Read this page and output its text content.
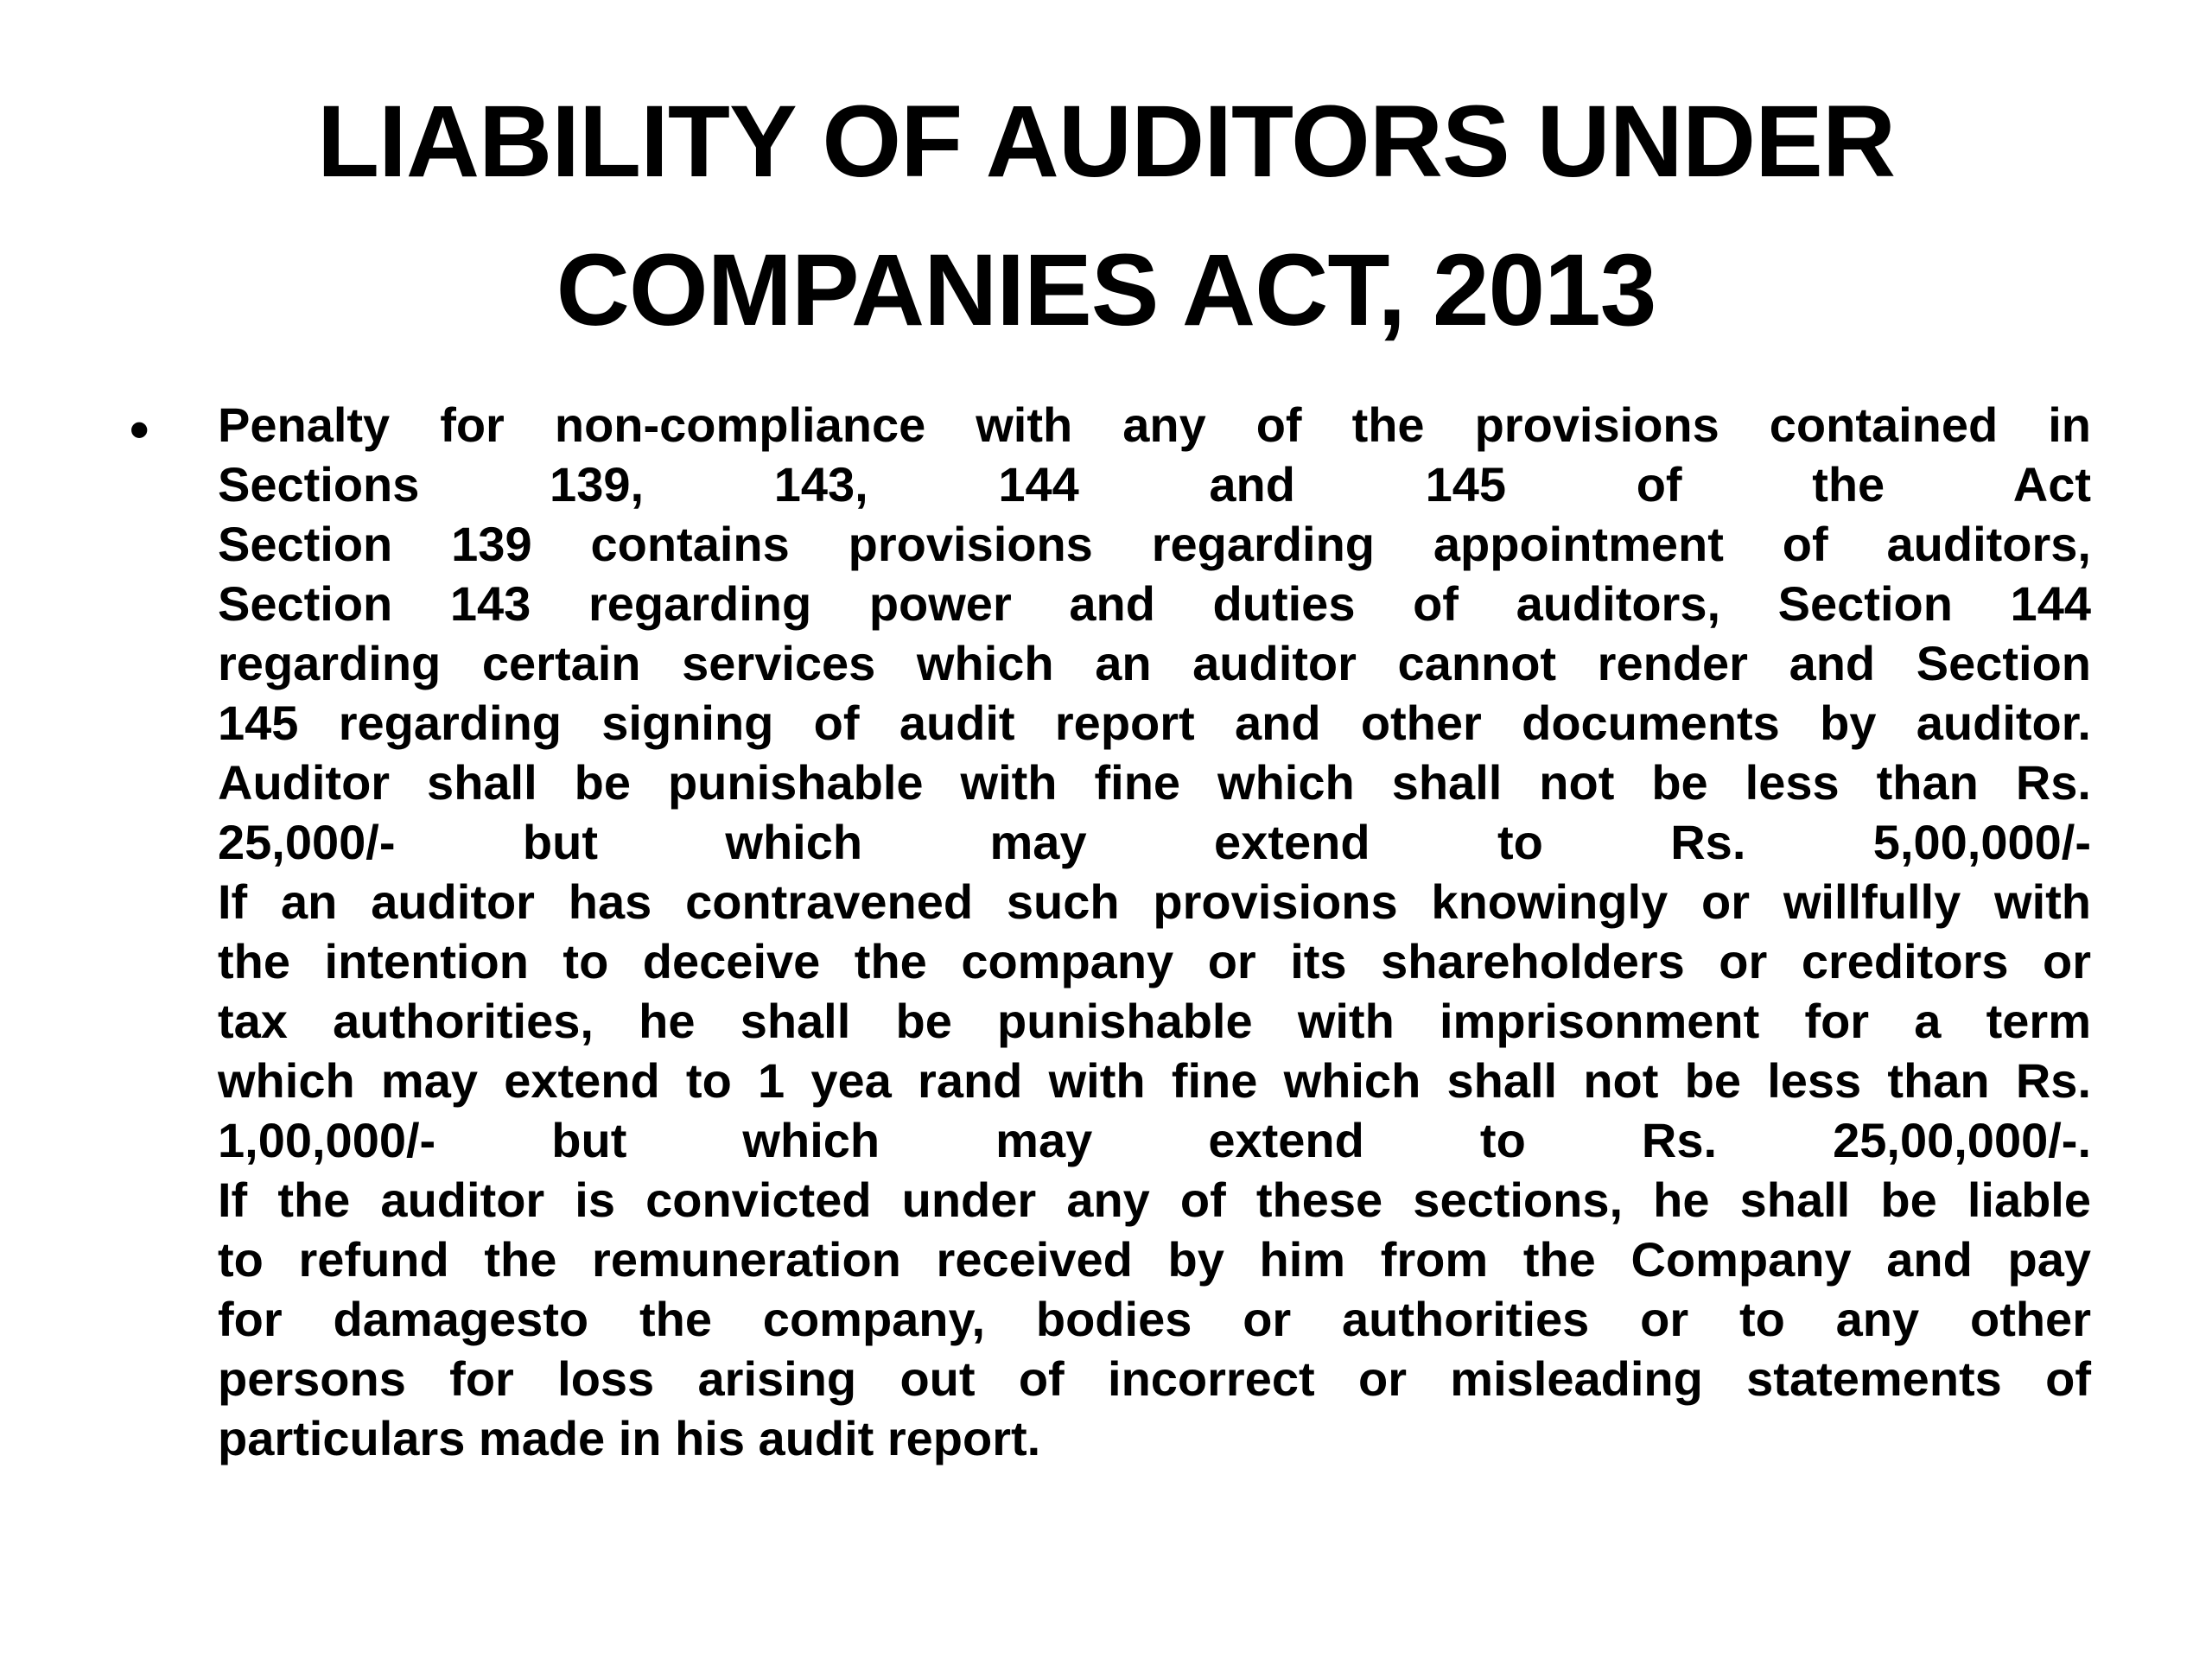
LIABILITY OF AUDITORS UNDER
COMPANIES ACT, 2013
• Penalty for non-compliance with any of the provisions contained in
Sections 139, 143, 144 and 145 of the Act
Section 139 contains provisions regarding appointment of auditors,
Section 143 regarding power and duties of auditors, Section 144
regarding certain services which an auditor cannot render and Section
145 regarding signing of audit report and other documents by auditor.
Auditor shall be punishable with fine which shall not be less than Rs.
25,000/- but which may extend to Rs. 5,00,000/-
If an auditor has contravened such provisions knowingly or willfully with
the intention to deceive the company or its shareholders or creditors or
tax authorities, he shall be punishable with imprisonment for a term
which may extend to 1 yea rand with fine which shall not be less than Rs.
1,00,000/- but which may extend to Rs. 25,00,000/-.
If the auditor is convicted under any of these sections, he shall be liable
to refund the remuneration received by him from the Company and pay
for damagesto the company, bodies or authorities or to any other
persons for loss arising out of incorrect or misleading statements of
particulars made in his audit report.
